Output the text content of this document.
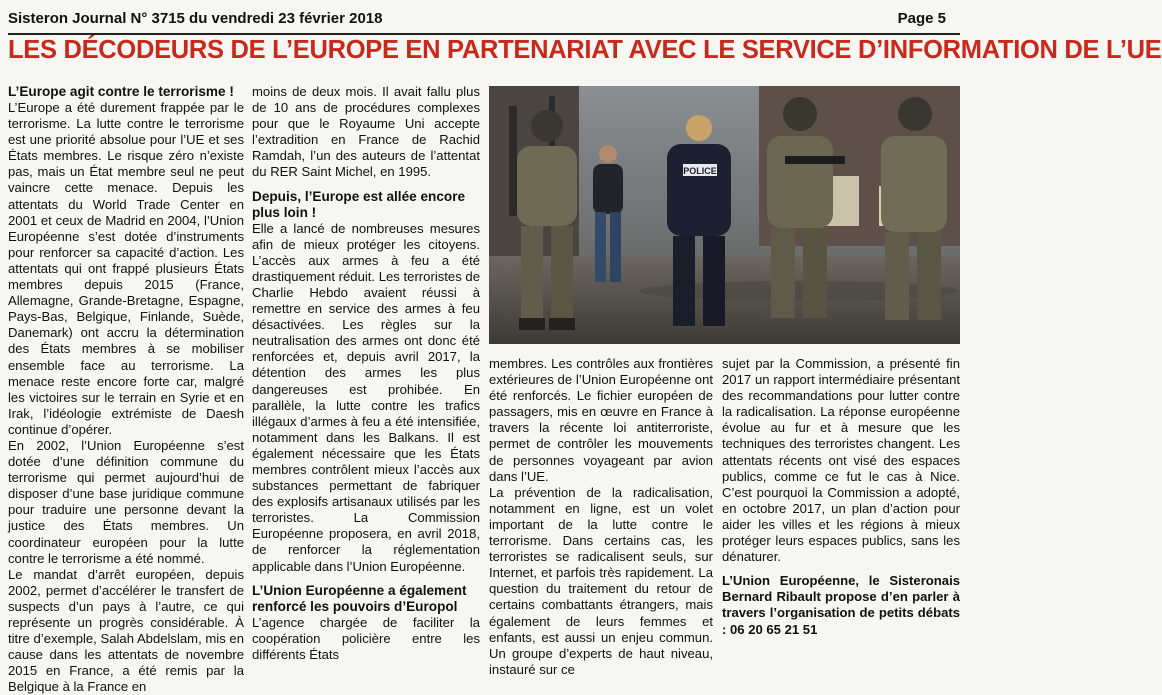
Sisteron Journal N° 3715 du vendredi 23 février 2018	Page 5
LES DÉCODEURS DE L’EUROPE EN PARTENARIAT AVEC LE SERVICE D’INFORMATION DE L’UE
L’Europe agit contre le terrorisme !

L’Europe a été durement frappée par le terrorisme. La lutte contre le terrorisme est une priorité absolue pour l’UE et ses États membres. Le risque zéro n’existe pas, mais un État membre seul ne peut vaincre cette menace. Depuis les attentats du World Trade Center en 2001 et ceux de Madrid en 2004, l’Union Européenne s’est dotée d’instruments pour renforcer sa capacité d’action. Les attentats qui ont frappé plusieurs États membres depuis 2015 (France, Allemagne, Grande-Bretagne, Espagne, Pays-Bas, Belgique, Finlande, Suède, Danemark) ont accru la détermination des États membres à se mobiliser ensemble face au terrorisme. La menace reste encore forte car, malgré les victoires sur le terrain en Syrie et en Irak, l’idéologie extrémiste de Daesh continue d’opérer.

En 2002, l’Union Européenne s’est dotée d’une définition commune du terrorisme qui permet aujourd’hui de disposer d’une base juridique commune pour traduire une personne devant la justice des États membres. Un coordinateur européen pour la lutte contre le terrorisme a été nommé.

Le mandat d’arrêt européen, depuis 2002, permet d’accélérer le transfert de suspects d’un pays à l’autre, ce qui représente un progrès considérable. À titre d’exemple, Salah Abdelslam, mis en cause dans les attentats de novembre 2015 en France, a été remis par la Belgique à la France en

moins de deux mois. Il avait fallu plus de 10 ans de procédures complexes pour que le Royaume Uni accepte l’extradition en France de Rachid Ramdah, l’un des auteurs de l’attentat du RER Saint Michel, en 1995.

Depuis, l’Europe est allée encore plus loin !

Elle a lancé de nombreuses mesures afin de mieux protéger les citoyens. L’accès aux armes à feu a été drastiquement réduit. Les terroristes de Charlie Hebdo avaient réussi à remettre en service des armes à feu désactivées. Les règles sur la neutralisation des armes ont donc été renforcées et, depuis avril 2017, la détention des armes les plus dangereuses est prohibée. En parallèle, la lutte contre les trafics illégaux d’armes à feu a été intensifiée, notamment dans les Balkans. Il est également nécessaire que les États membres contrôlent mieux l’accès aux substances permettant de fabriquer des explosifs artisanaux utilisés par les terroristes. La Commission Européenne proposera, en avril 2018, de renforcer la réglementation applicable dans l’Union Européenne.

L’Union Européenne a également renforcé les pouvoirs d’Europol

L’agence chargée de faciliter la coopération policière entre les différents États

POLICE

membres. Les contrôles aux frontières extérieures de l’Union Européenne ont été renforcés. Le fichier européen de passagers, mis en œuvre en France à travers la récente loi antiterroriste, permet de contrôler les mouvements de personnes voyageant par avion dans l’UE.

La prévention de la radicalisation, notamment en ligne, est un volet important de la lutte contre le terrorisme. Dans certains cas, les terroristes se radicalisent seuls, sur Internet, et parfois très rapidement. La question du traitement du retour de certains combattants étrangers, mais également de leurs femmes et enfants, est aussi un enjeu commun. Un groupe d’experts de haut niveau, instauré sur ce

sujet par la Commission, a présenté fin 2017 un rapport intermédiaire présentant des recommandations pour lutter contre la radicalisation. La réponse européenne évolue au fur et à mesure que les techniques des terroristes changent. Les attentats récents ont visé des espaces publics, comme ce fut le cas à Nice. C’est pourquoi la Commission a adopté, en octobre 2017, un plan d’action pour aider les villes et les régions à mieux protéger leurs espaces publics, sans les dénaturer.

L’Union Européenne, le Sisteronais Bernard Ribault propose d’en parler à travers l’organisation de petits débats : 06 20 65 21 51
